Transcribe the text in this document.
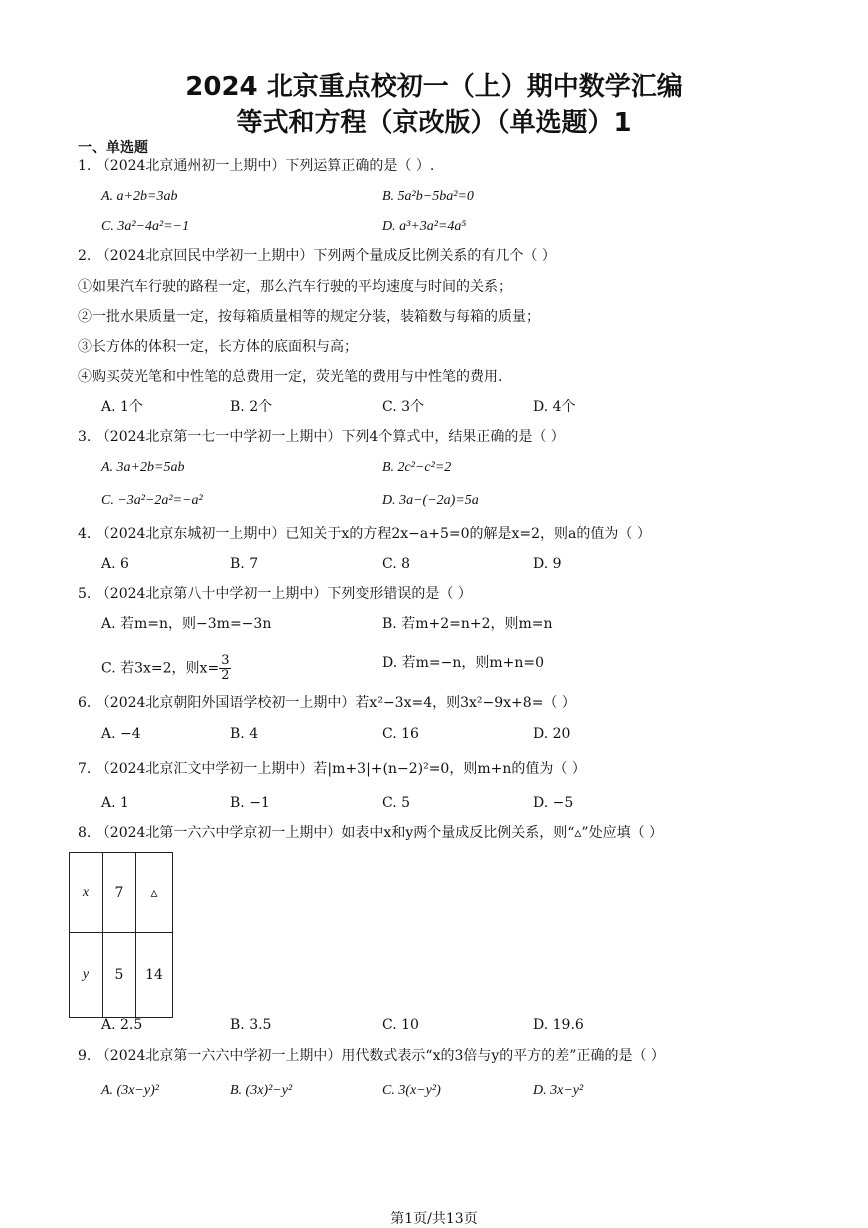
2024 北京重点校初一（上）期中数学汇编
等式和方程（京改版）（单选题）1
一、单选题
1. （2024北京通州初一上期中）下列运算正确的是（ ）.
A. a+2b=3ab	B. 5a²b−5ba²=0
C. 3a²−4a²=−1	D. a³+3a²=4a⁵
2. （2024北京回民中学初一上期中）下列两个量成反比例关系的有几个（ ）
①如果汽车行驶的路程一定，那么汽车行驶的平均速度与时间的关系；
②一批水果质量一定，按每箱质量相等的规定分装，装箱数与每箱的质量；
③长方体的体积一定，长方体的底面积与高；
④购买荧光笔和中性笔的总费用一定，荧光笔的费用与中性笔的费用.
A. 1个	B. 2个	C. 3个	D. 4个
3. （2024北京第一七一中学初一上期中）下列4个算式中，结果正确的是（ ）
A. 3a+2b=5ab	B. 2c²−c²=2
C. −3a²−2a²=−a²	D. 3a−(−2a)=5a
4. （2024北京东城初一上期中）已知关于x的方程2x−a+5=0的解是x=2，则a的值为（ ）
A. 6	B. 7	C. 8	D. 9
5. （2024北京第八十中学初一上期中）下列变形错误的是（ ）
A. 若m=n，则−3m=−3n	B. 若m+2=n+2，则m=n
C. 若3x=2，则$x= \frac{3}{2}$	D. 若m=−n，则m+n=0
6. （2024北京朝阳外国语学校初一上期中）若x²−3x=4，则3x²−9x+8=（ ）
A. −4	B. 4	C. 16	D. 20
7. （2024北京汇文中学初一上期中）若|m+3|+(n−2)²=0，则m+n的值为（ ）
A. 1	B. −1	C. 5	D. −5
8. （2024北第一六六中学京初一上期中）如表中x和y两个量成反比例关系，则“▵”处应填（ ）
x	7	▵
y	5	14
A. 2.5	B. 3.5	C. 10	D. 19.6
9. （2024北京第一六六中学初一上期中）用代数式表示“x的3倍与y的平方的差”正确的是（ ）
A. (3x−y)²	B. (3x)²−y²	C. 3(x−y²)	D. 3x−y²
第1页/共13页
